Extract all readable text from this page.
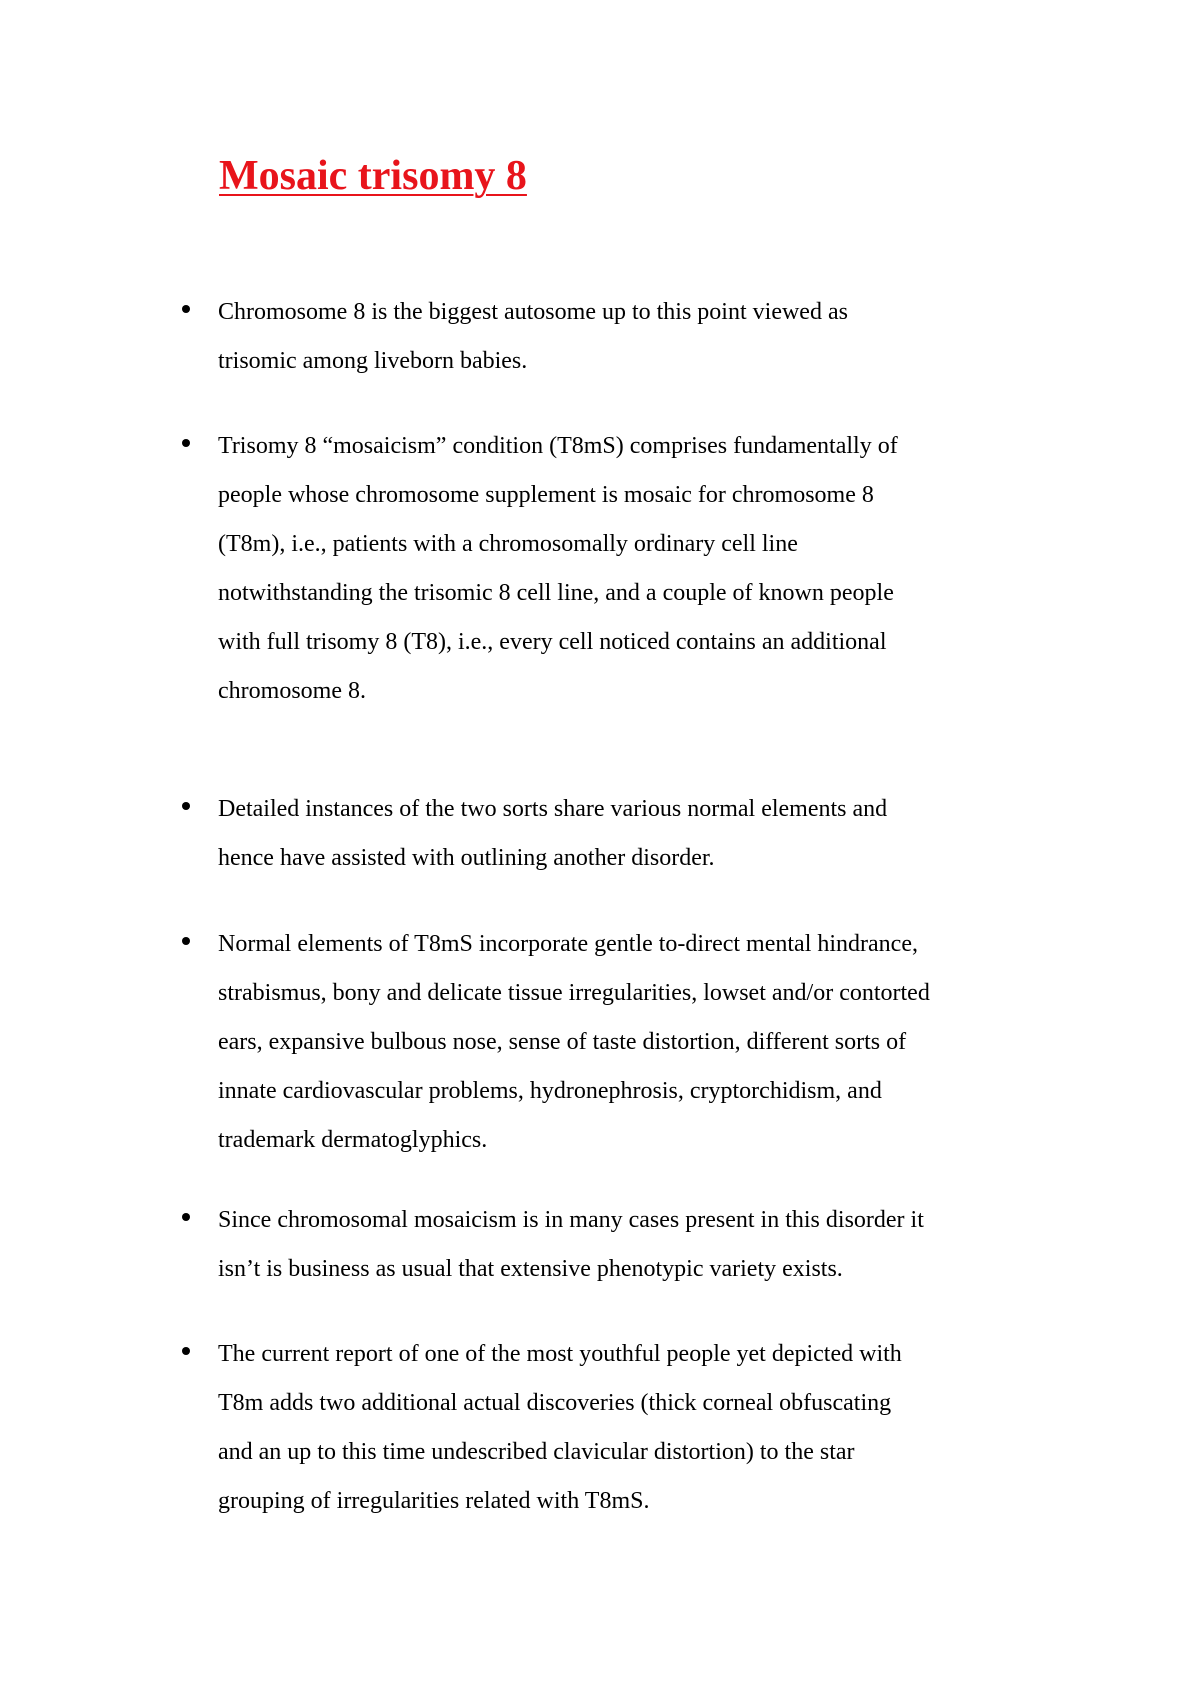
Mosaic trisomy 8

Chromosome 8 is the biggest autosome up to this point viewed as
trisomic among liveborn babies.

Trisomy 8 “mosaicism” condition (T8mS) comprises fundamentally of
people whose chromosome supplement is mosaic for chromosome 8
(T8m), i.e., patients with a chromosomally ordinary cell line
notwithstanding the trisomic 8 cell line, and a couple of known people
with full trisomy 8 (T8), i.e., every cell noticed contains an additional
chromosome 8.

Detailed instances of the two sorts share various normal elements and
hence have assisted with outlining another disorder.

Normal elements of T8mS incorporate gentle to-direct mental hindrance,
strabismus, bony and delicate tissue irregularities, lowset and/or contorted
ears, expansive bulbous nose, sense of taste distortion, different sorts of
innate cardiovascular problems, hydronephrosis, cryptorchidism, and
trademark dermatoglyphics.

Since chromosomal mosaicism is in many cases present in this disorder it
isn’t is business as usual that extensive phenotypic variety exists.

The current report of one of the most youthful people yet depicted with
T8m adds two additional actual discoveries (thick corneal obfuscating
and an up to this time undescribed clavicular distortion) to the star
grouping of irregularities related with T8mS.
